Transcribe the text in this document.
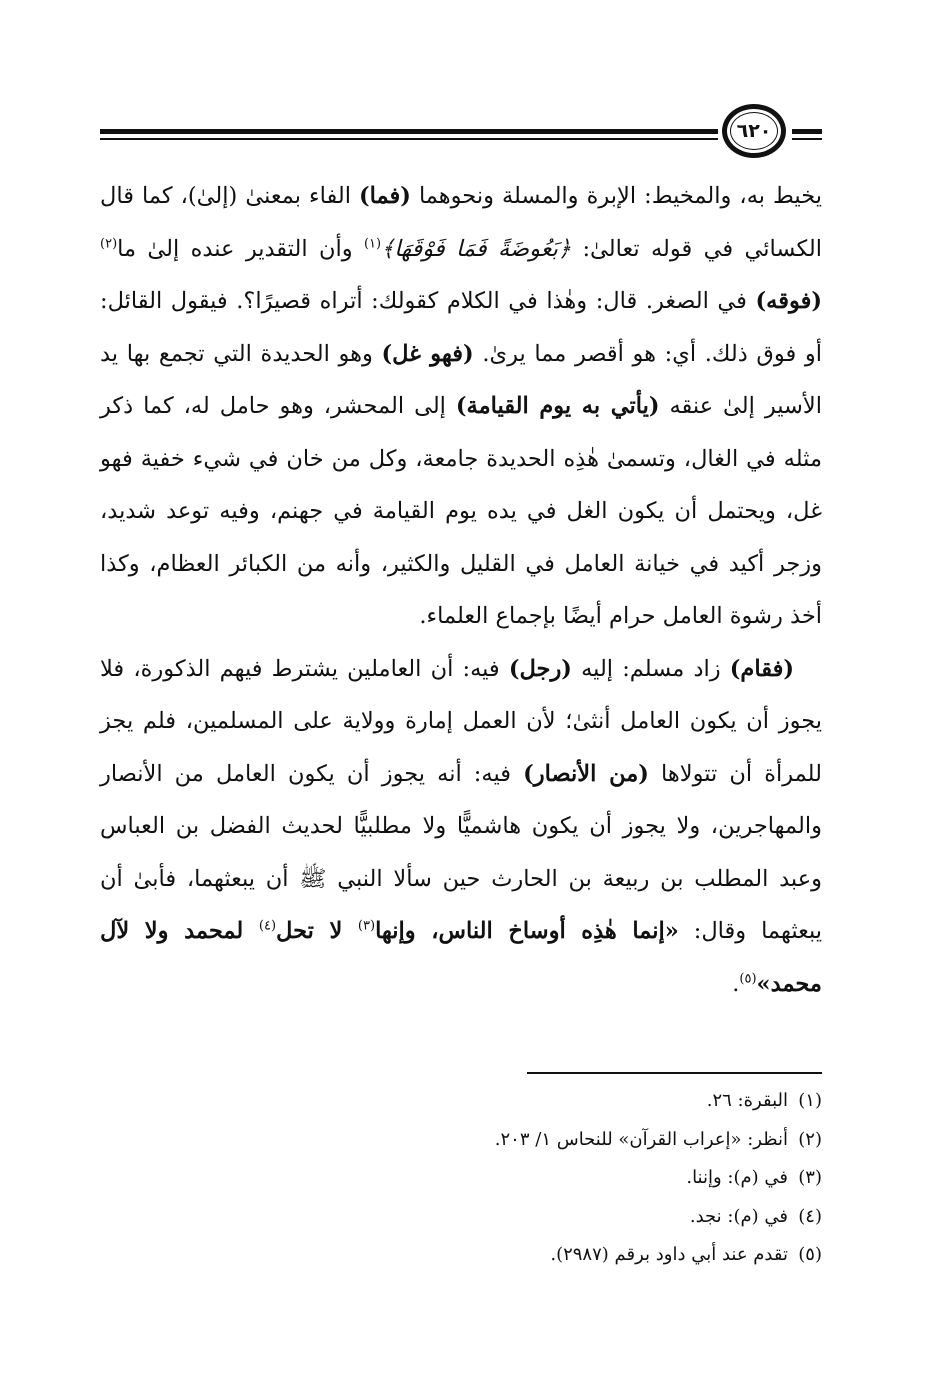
٦٢٠

يخيط به، والمخيط: الإبرة والمسلة ونحوهما (فما) الفاء بمعنىٰ (إلىٰ)، كما قال الكسائي في قوله تعالىٰ: ﴿بَعُوضَةً فَمَا فَوْقَهَا﴾$^{(١)}$ وأن التقدير عنده إلىٰ ما$^{(٢)}$ (فوقه) في الصغر. قال: وهٰذا في الكلام كقولك: أتراه قصيرًا؟. فيقول القائل: أو فوق ذلك. أي: هو أقصر مما يرىٰ. (فهو غل) وهو الحديدة التي تجمع بها يد الأسير إلىٰ عنقه (يأتي به يوم القيامة) إلى المحشر، وهو حامل له، كما ذكر مثله في الغال، وتسمىٰ هٰذِه الحديدة جامعة، وكل من خان في شيء خفية فهو غل، ويحتمل أن يكون الغل في يده يوم القيامة في جهنم، وفيه توعد شديد، وزجر أكيد في خيانة العامل في القليل والكثير، وأنه من الكبائر العظام، وكذا أخذ رشوة العامل حرام أيضًا بإجماع العلماء.

(فقام) زاد مسلم: إليه (رجل) فيه: أن العاملين يشترط فيهم الذكورة، فلا يجوز أن يكون العامل أنثىٰ؛ لأن العمل إمارة وولاية على المسلمين، فلم يجز للمرأة أن تتولاها (من الأنصار) فيه: أنه يجوز أن يكون العامل من الأنصار والمهاجرين، ولا يجوز أن يكون هاشميًّا ولا مطلبيًّا لحديث الفضل بن العباس وعبد المطلب بن ربيعة بن الحارث حين سألا النبي ﷺ أن يبعثهما، فأبىٰ أن يبعثهما وقال: «إنما هٰذِه أوساخ الناس، وإنها$^{(٣)}$ لا تحل$^{(٤)}$ لمحمد ولا لآل محمد»$^{(٥)}$.

(١)البقرة: ٢٦.
(٢)أنظر: «إعراب القرآن» للنحاس ١/ ٢٠٣.
(٣)في (م): وإننا.
(٤)في (م): نجد.
(٥)تقدم عند أبي داود برقم (٢٩٨٧).
